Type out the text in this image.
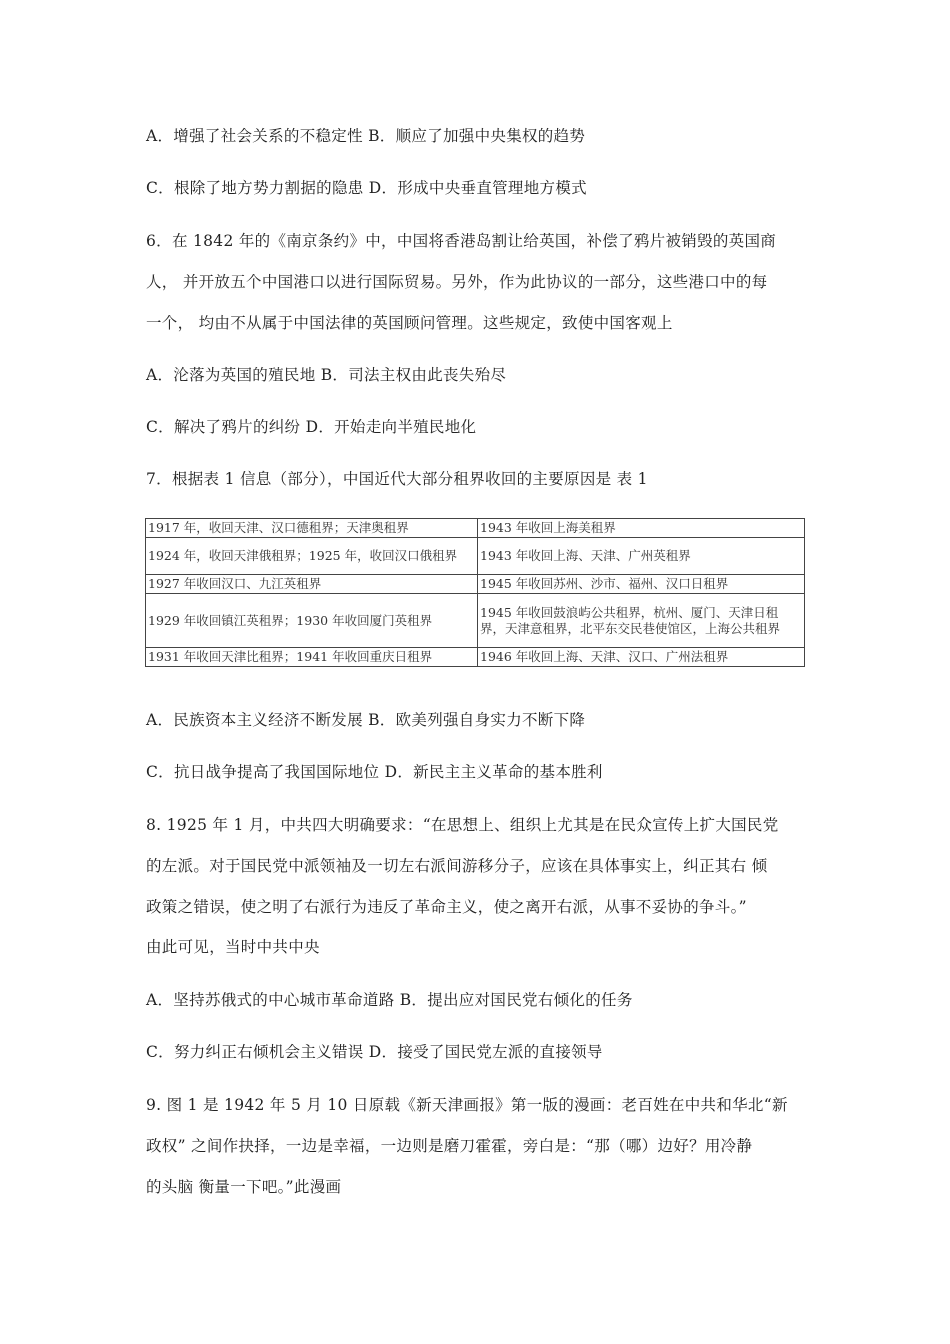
A．增强了社会关系的不稳定性 B．顺应了加强中央集权的趋势
C．根除了地方势力割据的隐患 D．形成中央垂直管理地方模式
6．在 1842 年的《南京条约》中，中国将香港岛割让给英国，补偿了鸦片被销毁的英国商
人， 并开放五个中国港口以进行国际贸易。另外，作为此协议的一部分，这些港口中的每
一个， 均由不从属于中国法律的英国顾问管理。这些规定，致使中国客观上
A．沦落为英国的殖民地 B．司法主权由此丧失殆尽
C．解决了鸦片的纠纷 D．开始走向半殖民地化
7．根据表 1 信息（部分），中国近代大部分租界收回的主要原因是 表 1
1917 年，收回天津、汉口德租界；天津奥租界	1943 年收回上海美租界
1924 年，收回天津俄租界；1925 年，收回汉口俄租界	1943 年收回上海、天津、广州英租界
1927 年收回汉口、九江英租界	1945 年收回苏州、沙市、福州、汉口日租界
1929 年收回镇江英租界；1930 年收回厦门英租界	1945 年收回鼓浪屿公共租界，杭州、厦门、天津日租界，天津意租界，北平东交民巷使馆区，上海公共租界
1931 年收回天津比租界；1941 年收回重庆日租界	1946 年收回上海、天津、汉口、广州法租界
A．民族资本主义经济不断发展 B．欧美列强自身实力不断下降
C．抗日战争提高了我国国际地位 D．新民主主义革命的基本胜利
8. 1925 年 1 月，中共四大明确要求：“在思想上、组织上尤其是在民众宣传上扩大国民党
的左派。对于国民党中派领袖及一切左右派间游移分子，应该在具体事实上，纠正其右 倾
政策之错误，使之明了右派行为违反了革命主义，使之离开右派，从事不妥协的争斗。”
由此可见，当时中共中央
A．坚持苏俄式的中心城市革命道路 B．提出应对国民党右倾化的任务
C．努力纠正右倾机会主义错误 D．接受了国民党左派的直接领导
9. 图 1 是 1942 年 5 月 10 日原载《新天津画报》第一版的漫画：老百姓在中共和华北“新
政权” 之间作抉择，一边是幸福，一边则是磨刀霍霍，旁白是：“那（哪）边好？用冷静
的头脑 衡量一下吧。”此漫画
